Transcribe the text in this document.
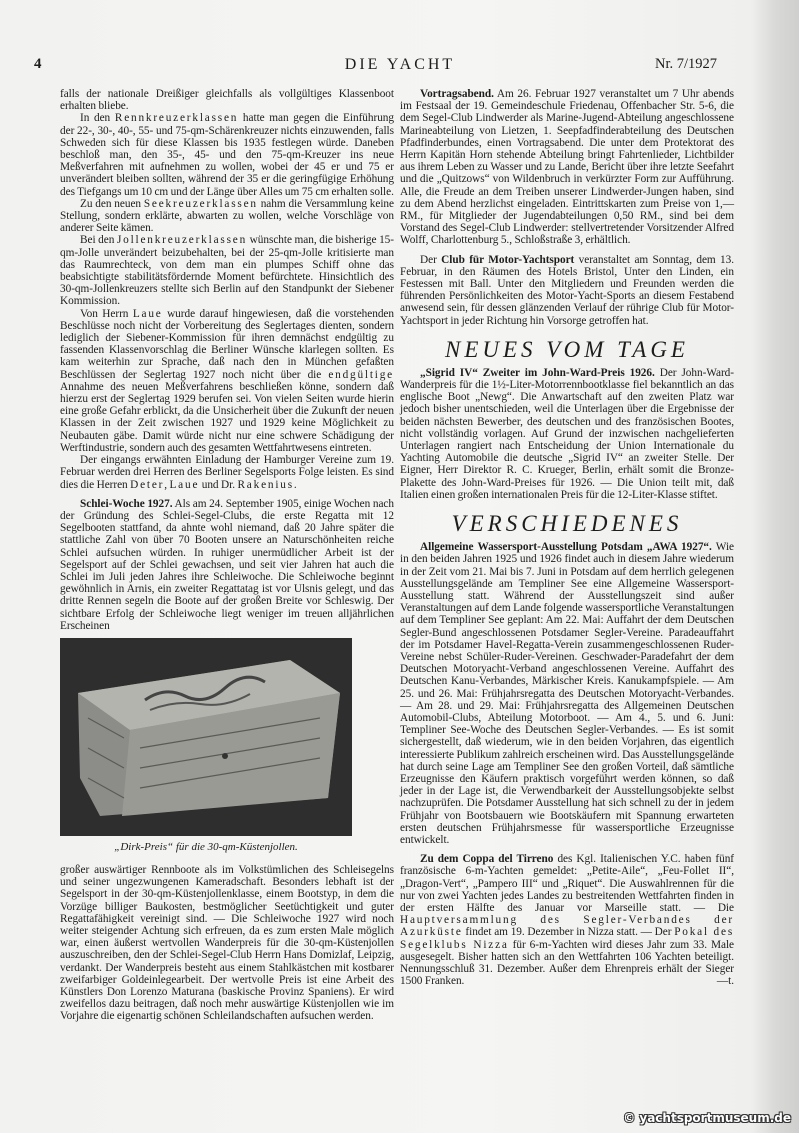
4	DIE YACHT	Nr. 7/1927

falls der nationale Dreißiger gleichfalls als vollgültiges Klassenboot erhalten bliebe.

In den Rennkreuzerklassen hatte man gegen die Einführung der 22-, 30-, 40-, 55- und 75-qm-Schärenkreuzer nichts einzuwenden, falls Schweden sich für diese Klassen bis 1935 festlegen würde. Daneben beschloß man, den 35-, 45- und den 75-qm-Kreuzer ins neue Meßverfahren mit aufnehmen zu wollen, wobei der 45 er und 75 er unverändert bleiben sollten, während der 35 er die geringfügige Erhöhung des Tiefgangs um 10 cm und der Länge über Alles um 75 cm erhalten solle.

Zu den neuen Seekreuzerklassen nahm die Versammlung keine Stellung, sondern erklärte, abwarten zu wollen, welche Vorschläge von anderer Seite kämen.

Bei den Jollenkreuzerklassen wünschte man, die bisherige 15-qm-Jolle unverändert beizubehalten, bei der 25-qm-Jolle kritisierte man das Raumrechteck, von dem man ein plumpes Schiff ohne das beabsichtigte stabilitätsfördernde Moment befürchtete. Hinsichtlich des 30-qm-Jollenkreuzers stellte sich Berlin auf den Standpunkt der Siebener Kommission.

Von Herrn Laue wurde darauf hingewiesen, daß die vorstehenden Beschlüsse noch nicht der Vorbereitung des Seglertages dienten, sondern lediglich der Siebener-Kommission für ihren demnächst endgültig zu fassenden Klassenvorschlag die Berliner Wünsche klarlegen sollten. Es kam weiterhin zur Sprache, daß nach den in München gefaßten Beschlüssen der Seglertag 1927 noch nicht über die endgültige Annahme des neuen Meßverfahrens beschließen könne, sondern daß hierzu erst der Seglertag 1929 berufen sei. Von vielen Seiten wurde hierin eine große Gefahr erblickt, da die Unsicherheit über die Zukunft der neuen Klassen in der Zeit zwischen 1927 und 1929 keine Möglichkeit zu Neubauten gäbe. Damit würde nicht nur eine schwere Schädigung der Werftindustrie, sondern auch des gesamten Wettfahrtwesens eintreten.

Der eingangs erwähnten Einladung der Hamburger Vereine zum 19. Februar werden drei Herren des Berliner Segelsports Folge leisten. Es sind dies die Herren Deter, Laue und Dr. Rakenius.

Schlei-Woche 1927. Als am 24. September 1905, einige Wochen nach der Gründung des Schlei-Segel-Clubs, die erste Regatta mit 12 Segelbooten stattfand, da ahnte wohl niemand, daß 20 Jahre später die stattliche Zahl von über 70 Booten unsere an Naturschönheiten reiche Schlei aufsuchen würden. In ruhiger unermüdlicher Arbeit ist der Segelsport auf der Schlei gewachsen, und seit vier Jahren hat auch die Schlei im Juli jeden Jahres ihre Schleiwoche. Die Schleiwoche beginnt gewöhnlich in Arnis, ein zweiter Regattatag ist vor Ulsnis gelegt, und das dritte Rennen segeln die Boote auf der großen Breite vor Schleswig. Der sichtbare Erfolg der Schleiwoche liegt weniger im treuen alljährlichen Erscheinen

„Dirk-Preis“ für die 30-qm-Küstenjollen.

großer auswärtiger Rennboote als im Volkstümlichen des Schleisegelns und seiner ungezwungenen Kameradschaft. Besonders lebhaft ist der Segelsport in der 30-qm-Küstenjollenklasse, einem Bootstyp, in dem die Vorzüge billiger Baukosten, bestmöglicher Seetüchtigkeit und guter Regattafähigkeit vereinigt sind. — Die Schleiwoche 1927 wird noch weiter steigender Achtung sich erfreuen, da es zum ersten Male möglich war, einen äußerst wertvollen Wanderpreis für die 30-qm-Küstenjollen auszuschreiben, den der Schlei-Segel-Club Herrn Hans Domizlaf, Leipzig, verdankt. Der Wanderpreis besteht aus einem Stahlkästchen mit kostbarer zweifarbiger Goldeinlegearbeit. Der wertvolle Preis ist eine Arbeit des Künstlers Don Lorenzo Maturana (baskische Provinz Spaniens). Er wird zweifellos dazu beitragen, daß noch mehr auswärtige Küstenjollen wie im Vorjahre die eigenartig schönen Schleilandschaften aufsuchen werden.

Vortragsabend. Am 26. Februar 1927 veranstaltet um 7 Uhr abends im Festsaal der 19. Gemeindeschule Friedenau, Offenbacher Str. 5-6, die dem Segel-Club Lindwerder als Marine-Jugend-Abteilung angeschlossene Marineabteilung von Lietzen, 1. Seepfadfinderabteilung des Deutschen Pfadfinderbundes, einen Vortragsabend. Die unter dem Protektorat des Herrn Kapitän Horn stehende Abteilung bringt Fahrtenlieder, Lichtbilder aus ihrem Leben zu Wasser und zu Lande, Bericht über ihre letzte Seefahrt und die „Quitzows“ von Wildenbruch in verkürzter Form zur Aufführung. Alle, die Freude an dem Treiben unserer Lindwerder-Jungen haben, sind zu dem Abend herzlichst eingeladen. Eintrittskarten zum Preise von 1,— RM., für Mitglieder der Jugendabteilungen 0,50 RM., sind bei dem Vorstand des Segel-Club Lindwerder: stellvertretender Vorsitzender Alfred Wolff, Charlottenburg 5., Schloßstraße 3, erhältlich.

Der Club für Motor-Yachtsport veranstaltet am Sonntag, dem 13. Februar, in den Räumen des Hotels Bristol, Unter den Linden, ein Festessen mit Ball. Unter den Mitgliedern und Freunden werden die führenden Persönlichkeiten des Motor-Yacht-Sports an diesem Festabend anwesend sein, für dessen glänzenden Verlauf der rührige Club für Motor-Yachtsport in jeder Richtung hin Vorsorge getroffen hat.

NEUES VOM TAGE

„Sigrid IV“ Zweiter im John-Ward-Preis 1926. Der John-Ward-Wanderpreis für die 1½-Liter-Motorrennbootklasse fiel bekanntlich an das englische Boot „Newg“. Die Anwartschaft auf den zweiten Platz war jedoch bisher unentschieden, weil die Unterlagen über die Ergebnisse der beiden nächsten Bewerber, des deutschen und des französischen Bootes, nicht vollständig vorlagen. Auf Grund der inzwischen nachgelieferten Unterlagen rangiert nach Entscheidung der Union Internationale du Yachting Automobile die deutsche „Sigrid IV“ an zweiter Stelle. Der Eigner, Herr Direktor R. C. Krueger, Berlin, erhält somit die Bronze-Plakette des John-Ward-Preises für 1926. — Die Union teilt mit, daß Italien einen großen internationalen Preis für die 12-Liter-Klasse stiftet.

VERSCHIEDENES

Allgemeine Wassersport-Ausstellung Potsdam „AWA 1927“. Wie in den beiden Jahren 1925 und 1926 findet auch in diesem Jahre wiederum in der Zeit vom 21. Mai bis 7. Juni in Potsdam auf dem herrlich gelegenen Ausstellungsgelände am Templiner See eine Allgemeine Wassersport-Ausstellung statt. Während der Ausstellungszeit sind außer Veranstaltungen auf dem Lande folgende wassersportliche Veranstaltungen auf dem Templiner See geplant: Am 22. Mai: Auffahrt der dem Deutschen Segler-Bund angeschlossenen Potsdamer Segler-Vereine. Paradeauffahrt der im Potsdamer Havel-Regatta-Verein zusammengeschlossenen Ruder-Vereine nebst Schüler-Ruder-Vereinen. Geschwader-Paradefahrt der dem Deutschen Motoryacht-Verband angeschlossenen Vereine. Auffahrt des Deutschen Kanu-Verbandes, Märkischer Kreis. Kanukampfspiele. — Am 25. und 26. Mai: Frühjahrsregatta des Deutschen Motoryacht-Verbandes. — Am 28. und 29. Mai: Frühjahrsregatta des Allgemeinen Deutschen Automobil-Clubs, Abteilung Motorboot. — Am 4., 5. und 6. Juni: Templiner See-Woche des Deutschen Segler-Verbandes. — Es ist somit sichergestellt, daß wiederum, wie in den beiden Vorjahren, das eigentlich interessierte Publikum zahlreich erscheinen wird. Das Ausstellungsgelände hat durch seine Lage am Templiner See den großen Vorteil, daß sämtliche Erzeugnisse den Käufern praktisch vorgeführt werden können, so daß jeder in der Lage ist, die Verwendbarkeit der Ausstellungsobjekte selbst nachzuprüfen. Die Potsdamer Ausstellung hat sich schnell zu der in jedem Frühjahr von Bootsbauern wie Bootskäufern mit Spannung erwarteten ersten deutschen Frühjahrsmesse für wassersportliche Erzeugnisse entwickelt.

Zu dem Coppa del Tirreno des Kgl. Italienischen Y.C. haben fünf französische 6-m-Yachten gemeldet: „Petite-Aile“, „Feu-Follet II“, „Dragon-Vert“, „Pampero III“ und „Riquet“. Die Auswahlrennen für die nur von zwei Yachten jedes Landes zu bestreitenden Wettfahrten finden in der ersten Hälfte des Januar vor Marseille statt. — Die Hauptversammlung des Segler-Verbandes der Azurküste findet am 19. Dezember in Nizza statt. — Der Pokal des Segelklubs Nizza für 6-m-Yachten wird dieses Jahr zum 33. Male ausgesegelt. Bisher hatten sich an den Wettfahrten 106 Yachten beteiligt. Nennungsschluß 31. Dezember. Außer dem Ehrenpreis erhält der Sieger 1500 Franken.	—t.

© yachtsportmuseum.de
